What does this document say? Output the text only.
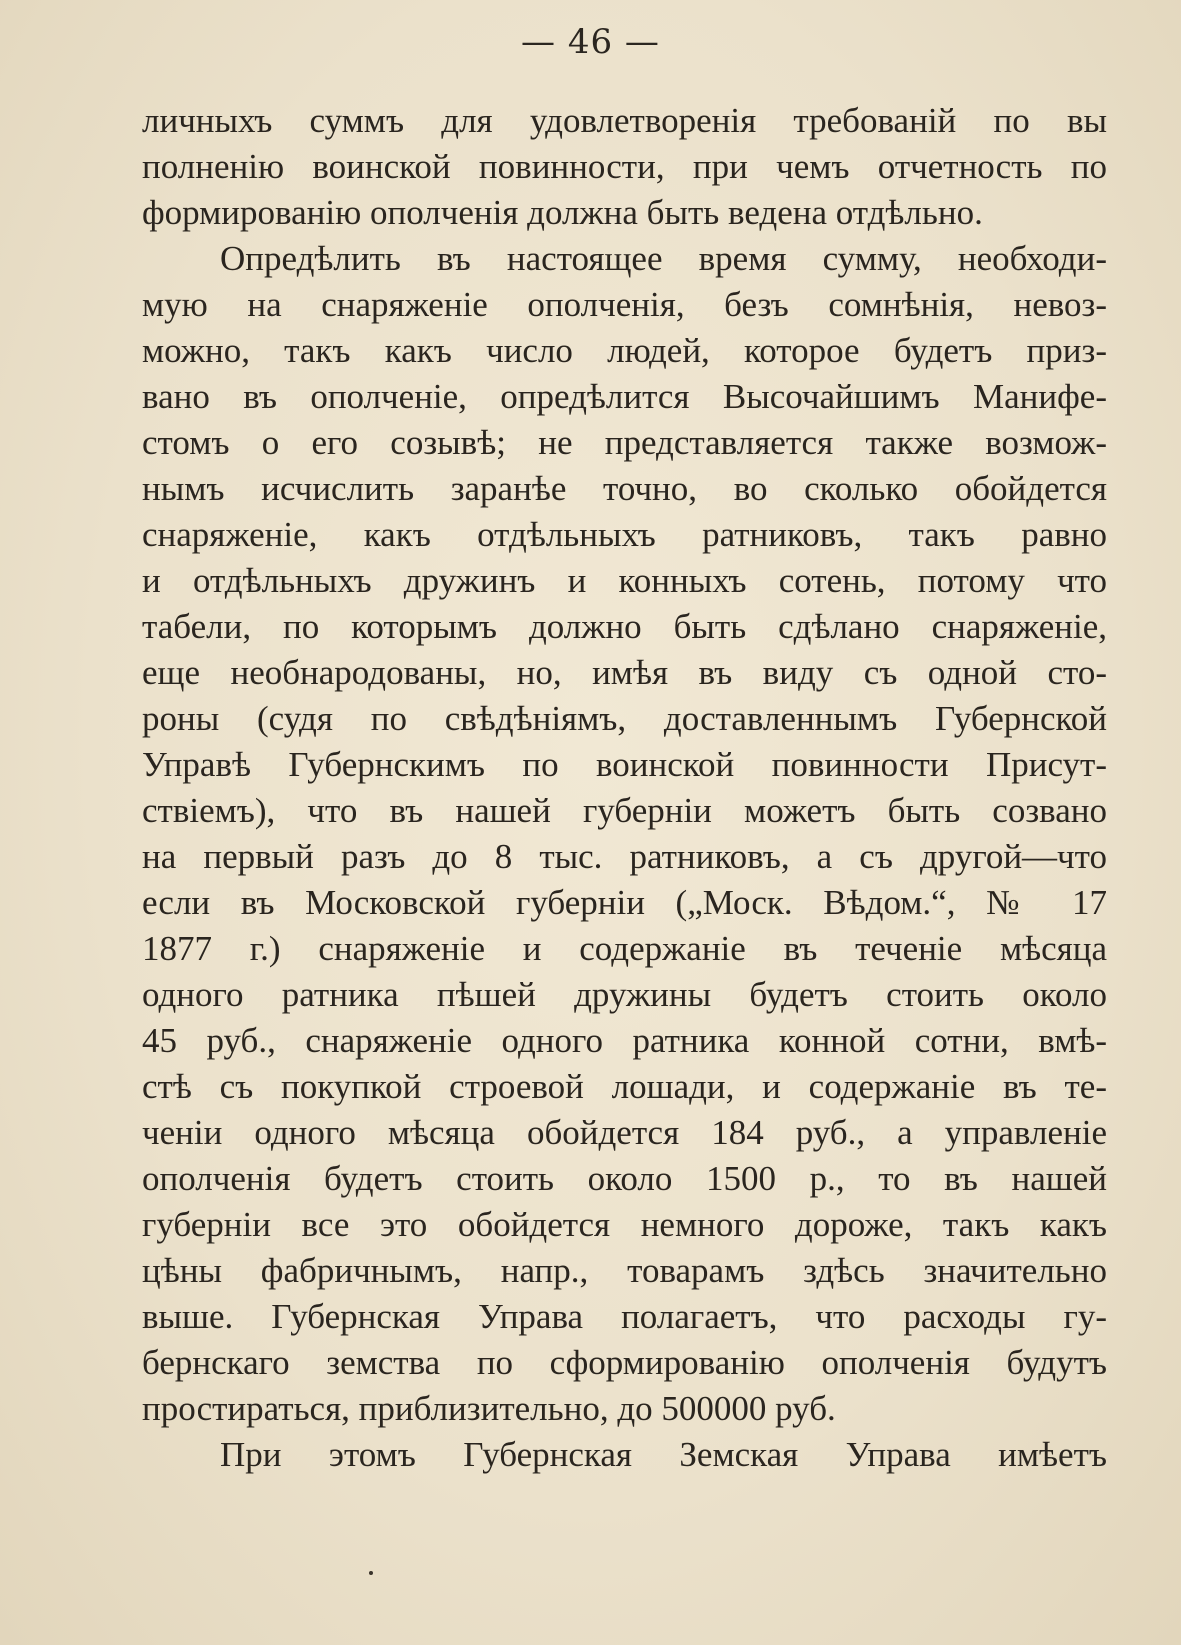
— 46 —
личныхъ суммъ для удовлетворенія требованій по вы
полненію воинской повинности, при чемъ отчетность по
формированію ополченія должна быть ведена отдѣльно.
Опредѣлить въ настоящее время сумму, необходи-
мую на снаряженіе ополченія, безъ сомнѣнія, невоз-
можно, такъ какъ число людей, которое будетъ приз-
вано въ ополченіе, опредѣлится Высочайшимъ Манифе-
стомъ о его созывѣ; не представляется также возмож-
нымъ исчислить заранѣе точно, во сколько обойдется
снаряженіе, какъ отдѣльныхъ ратниковъ, такъ равно
и отдѣльныхъ дружинъ и конныхъ сотень, потому что
табели, по которымъ должно быть сдѣлано снаряженіе,
еще необнародованы, но, имѣя въ виду съ одной сто-
роны (судя по свѣдѣніямъ, доставленнымъ Губернской
Управѣ Губернскимъ по воинской повинности Присут-
ствіемъ), что въ нашей губерніи можетъ быть созвано
на первый разъ до 8 тыс. ратниковъ, а съ другой—что
если въ Московской губерніи („Моск. Вѣдом.“, № 17
1877 г.) снаряженіе и содержаніе въ теченіе мѣсяца
одного ратника пѣшей дружины будетъ стоить около
45 руб., снаряженіе одного ратника конной сотни, вмѣ-
стѣ съ покупкой строевой лошади, и содержаніе въ те-
ченіи одного мѣсяца обойдется 184 руб., а управленіе
ополченія будетъ стоить около 1500 р., то въ нашей
губерніи все это обойдется немного дороже, такъ какъ
цѣны фабричнымъ, напр., товарамъ здѣсь значительно
выше. Губернская Управа полагаетъ, что расходы гу-
бернскаго земства по сформированію ополченія будутъ
простираться, приблизительно, до 500000 руб.
При этомъ Губернская Земская Управа имѣетъ
